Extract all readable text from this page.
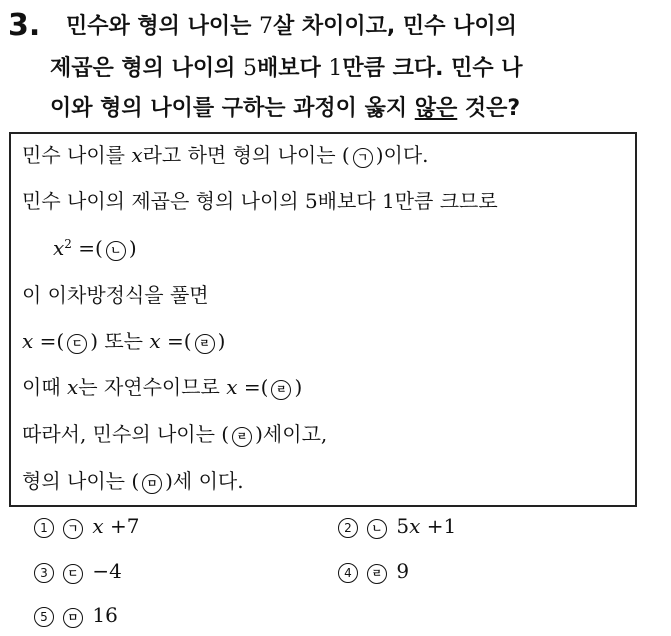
3. 민수와 형의 나이는 7살 차이이고, 민수 나이의
제곱은 형의 나이의 5배보다 1만큼 크다. 민수 나
이와 형의 나이를 구하는 과정이 옳지 않은 것은?
민수 나이를 x라고 하면 형의 나이는 ( ㄱ )이다.
민수 나이의 제곱은 형의 나이의 5배보다 1만큼 크므로
$x^2$ =( ㄴ )
이 이차방정식을 풀면
x =( ㄷ ) 또는 x =( ㄹ )
이때 x는 자연수이므로 x =( ㄹ )
따라서, 민수의 나이는 ( ㄹ )세이고,
형의 나이는 ( ㅁ )세 이다.
1 ㄱ x +7	2 ㄴ 5x +1
3 ㄷ −4	4 ㄹ 9
5 ㅁ 16
